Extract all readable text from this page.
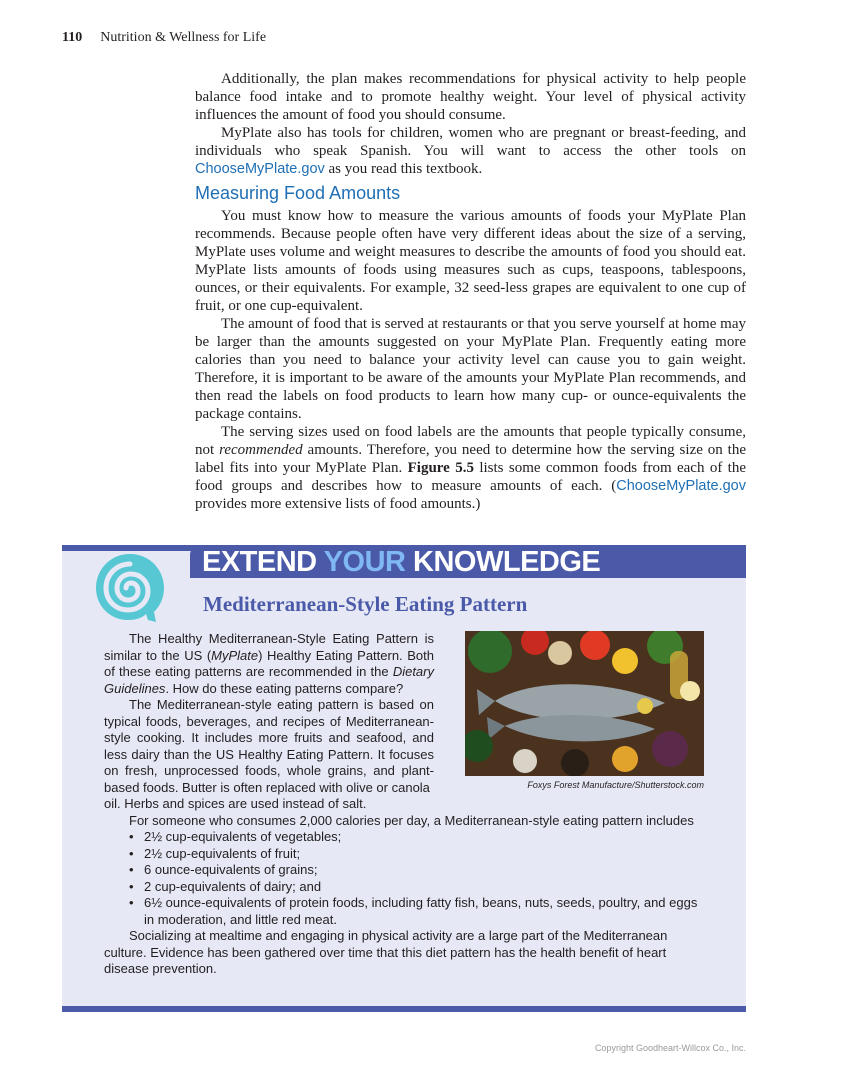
110 Nutrition & Wellness for Life

Additionally, the plan makes recommendations for physical activity to help people balance food intake and to promote healthy weight. Your level of physical activity influences the amount of food you should consume.

MyPlate also has tools for children, women who are pregnant or breast-feeding, and individuals who speak Spanish. You will want to access the other tools on ChooseMyPlate.gov as you read this textbook.

Measuring Food Amounts

You must know how to measure the various amounts of foods your MyPlate Plan recommends. Because people often have very different ideas about the size of a serving, MyPlate uses volume and weight measures to describe the amounts of food you should eat. MyPlate lists amounts of foods using measures such as cups, teaspoons, tablespoons, ounces, or their equivalents. For example, 32 seed-less grapes are equivalent to one cup of fruit, or one cup-equivalent.

The amount of food that is served at restaurants or that you serve yourself at home may be larger than the amounts suggested on your MyPlate Plan. Frequently eating more calories than you need to balance your activity level can cause you to gain weight. Therefore, it is important to be aware of the amounts your MyPlate Plan recommends, and then read the labels on food products to learn how many cup- or ounce-equivalents the package contains.

The serving sizes used on food labels are the amounts that people typically consume, not recommended amounts. Therefore, you need to determine how the serving size on the label fits into your MyPlate Plan. Figure 5.5 lists some common foods from each of the food groups and describes how to measure amounts of each. (ChooseMyPlate.gov provides more extensive lists of food amounts.)

EXTEND YOUR KNOWLEDGE
Mediterranean-Style Eating Pattern
Foxys Forest Manufacture/Shutterstock.com

The Healthy Mediterranean-Style Eating Pattern is similar to the US (MyPlate) Healthy Eating Pattern. Both of these eating patterns are recommended in the Dietary Guidelines. How do these eating patterns compare?

The Mediterranean-style eating pattern is based on typical foods, beverages, and recipes of Mediterranean-style cooking. It includes more fruits and seafood, and less dairy than the US Healthy Eating Pattern. It focuses on fresh, unprocessed foods, whole grains, and plant-based foods. Butter is often replaced with olive or canola

oil. Herbs and spices are used instead of salt.

For someone who consumes 2,000 calories per day, a Mediterranean-style eating pattern includes

• 2½ cup-equivalents of vegetables;
• 2½ cup-equivalents of fruit;
• 6 ounce-equivalents of grains;
• 2 cup-equivalents of dairy; and
• 6½ ounce-equivalents of protein foods, including fatty fish, beans, nuts, seeds, poultry, and eggs in moderation, and little red meat.

Socializing at mealtime and engaging in physical activity are a large part of the Mediterranean culture. Evidence has been gathered over time that this diet pattern has the health benefit of heart disease prevention.

Copyright Goodheart-Willcox Co., Inc.
